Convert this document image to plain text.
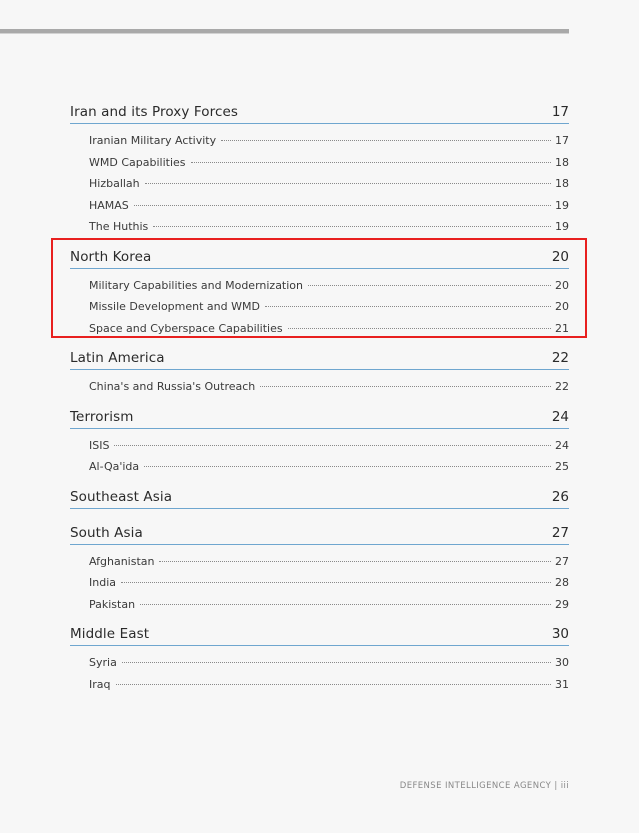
Iran and its Proxy Forces	17
Iranian Military Activity	17
WMD Capabilities	18
Hizballah	18
HAMAS	19
The Huthis	19
North Korea	20
Military Capabilities and Modernization	20
Missile Development and WMD	20
Space and Cyberspace Capabilities	21
Latin America	22
China's and Russia's Outreach	22
Terrorism	24
ISIS	24
Al-Qa'ida	25
Southeast Asia	26
South Asia	27
Afghanistan	27
India	28
Pakistan	29
Middle East	30
Syria	30
Iraq	31
DEFENSE INTELLIGENCE AGENCY | iii
